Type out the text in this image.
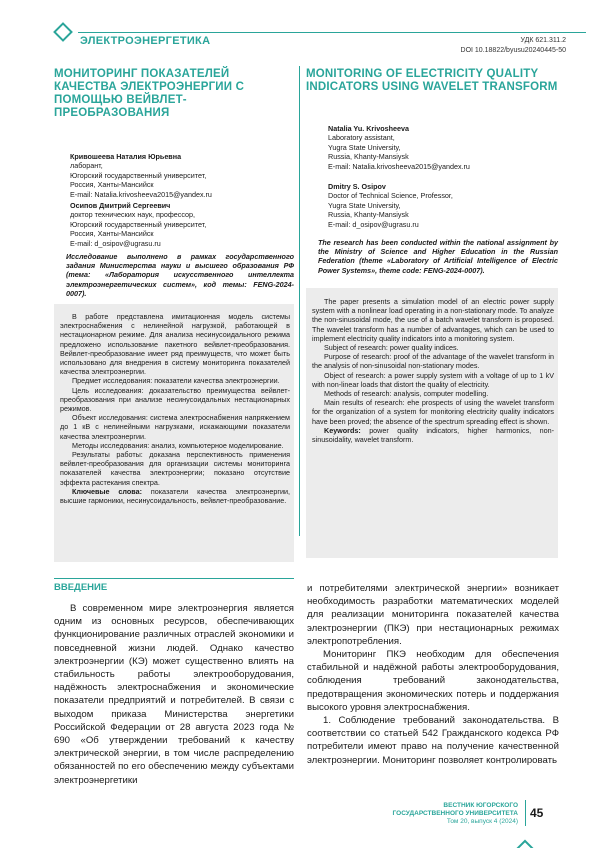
ЭЛЕКТРОЭНЕРГЕТИКА	УДК 621.311.2
DOI 10.18822/byusu20240445-50
МОНИТОРИНГ ПОКАЗАТЕЛЕЙ КАЧЕСТВА ЭЛЕКТРОЭНЕРГИИ С ПОМОЩЬЮ ВЕЙВЛЕТ-ПРЕОБРАЗОВАНИЯ
Кривошеева Наталия Юрьевна
лаборант,
Югорский государственный университет,
Россия, Ханты-Мансийск
E-mail: Natalia.krivosheeva2015@yandex.ru
Осипов Дмитрий Сергеевич
доктор технических наук, профессор,
Югорский государственный университет,
Россия, Ханты-Мансийск
E-mail: d_osipov@ugrasu.ru
Исследование выполнено в рамках государственного задания Министерства науки и высшего образования РФ (тема: «Лаборатория искусственного интеллекта электроэнергетических систем», код темы: FENG-2024-0007).

В работе представлена имитационная модель системы электроснабжения с нелинейной нагрузкой, работающей в нестационарном режиме. Для анализа несинусоидального режима предложено использование пакетного вейвлет-преобразования. Вейвлет-преобразование имеет ряд преимуществ, что может быть использовано для внедрения в систему мониторинга показателей качества электроэнергии.

Предмет исследования: показатели качества электроэнергии.

Цель исследования: доказательство преимущества вейвлет-преобразования при анализе несинусоидальных нестационарных режимов.

Объект исследования: система электроснабжения напряжением до 1 кВ с нелинейными нагрузками, искажающими показатели качества электроэнергии.

Методы исследования: анализ, компьютерное моделирование.

Результаты работы: доказана перспективность применения вейвлет-преобразования для организации системы мониторинга показателей качества электроэнергии; показано отсутствие эффекта растекания спектра.

Ключевые слова: показатели качества электроэнергии, высшие гармоники, несинусоидальность, вейвлет-преобразование.

MONITORING OF ELECTRICITY QUALITY INDICATORS USING WAVELET TRANSFORM
Natalia Yu. Krivosheeva
Laboratory assistant,
Yugra State University,
Russia, Khanty-Mansiysk
E-mail: Natalia.krivosheeva2015@yandex.ru
Dmitry S. Osipov
Doctor of Technical Science, Professor,
Yugra State University,
Russia, Khanty-Mansiysk
E-mail: d_osipov@ugrasu.ru
The research has been conducted within the national assignment by the Ministry of Science and Higher Education in the Russian Federation (theme «Laboratory of Artificial Intelligence of Electric Power Systems», theme code: FENG-2024-0007).

The paper presents a simulation model of an electric power supply system with a nonlinear load operating in a non-stationary mode. To analyze the non-sinusoidal mode, the use of a batch wavelet transform is proposed. The wavelet transform has a number of advantages, which can be used to implement electricity quality indicators into a monitoring system.

Subject of research: power quality indices.

Purpose of research: proof of the advantage of the wavelet transform in the analysis of non-sinusoidal non-stationary modes.

Object of research: a power supply system with a voltage of up to 1 kV with non-linear loads that distort the quality of electricity.

Methods of research: analysis, computer modelling.

Main results of research: ehe prospects of using the wavelet transform for the organization of a system for monitoring electricity quality indicators have been proved; the absence of the spectrum spreading effect is shown.

Keywords: power quality indicators, higher harmonics, non-sinusoidality, wavelet transform.

ВВЕДЕНИЕ

В современном мире электроэнергия является одним из основных ресурсов, обеспечивающих функционирование различных отраслей экономики и повседневной жизни людей. Однако качество электроэнергии (КЭ) может существенно влиять на стабильность работы электрооборудования, надёжность электроснабжения и экономические показатели предприятий и потребителей. В связи с выходом приказа Министерства энергетики Российской Федерации от 28 августа 2023 года № 690 «Об утверждении требований к качеству электрической энергии, в том числе распределению обязанностей по его обеспечению между субъектами электроэнергетики

и потребителями электрической энергии» возникает необходимость разработки математических моделей для реализации мониторинга показателей качества электроэнергии (ПКЭ) при нестационарных режимах электропотребления.

Мониторинг ПКЭ необходим для обеспечения стабильной и надёжной работы электрооборудования, соблюдения требований законодательства, предотвращения экономических потерь и поддержания высокого уровня электроснабжения.

1. Соблюдение требований законодательства. В соответствии со статьей 542 Гражданского кодекса РФ потребители имеют право на получение качественной электроэнергии. Мониторинг позволяет контролировать

ВЕСТНИК ЮГОРСКОГО
ГОСУДАРСТВЕННОГО УНИВЕРСИТЕТА
Том 20, выпуск 4 (2024)
45
